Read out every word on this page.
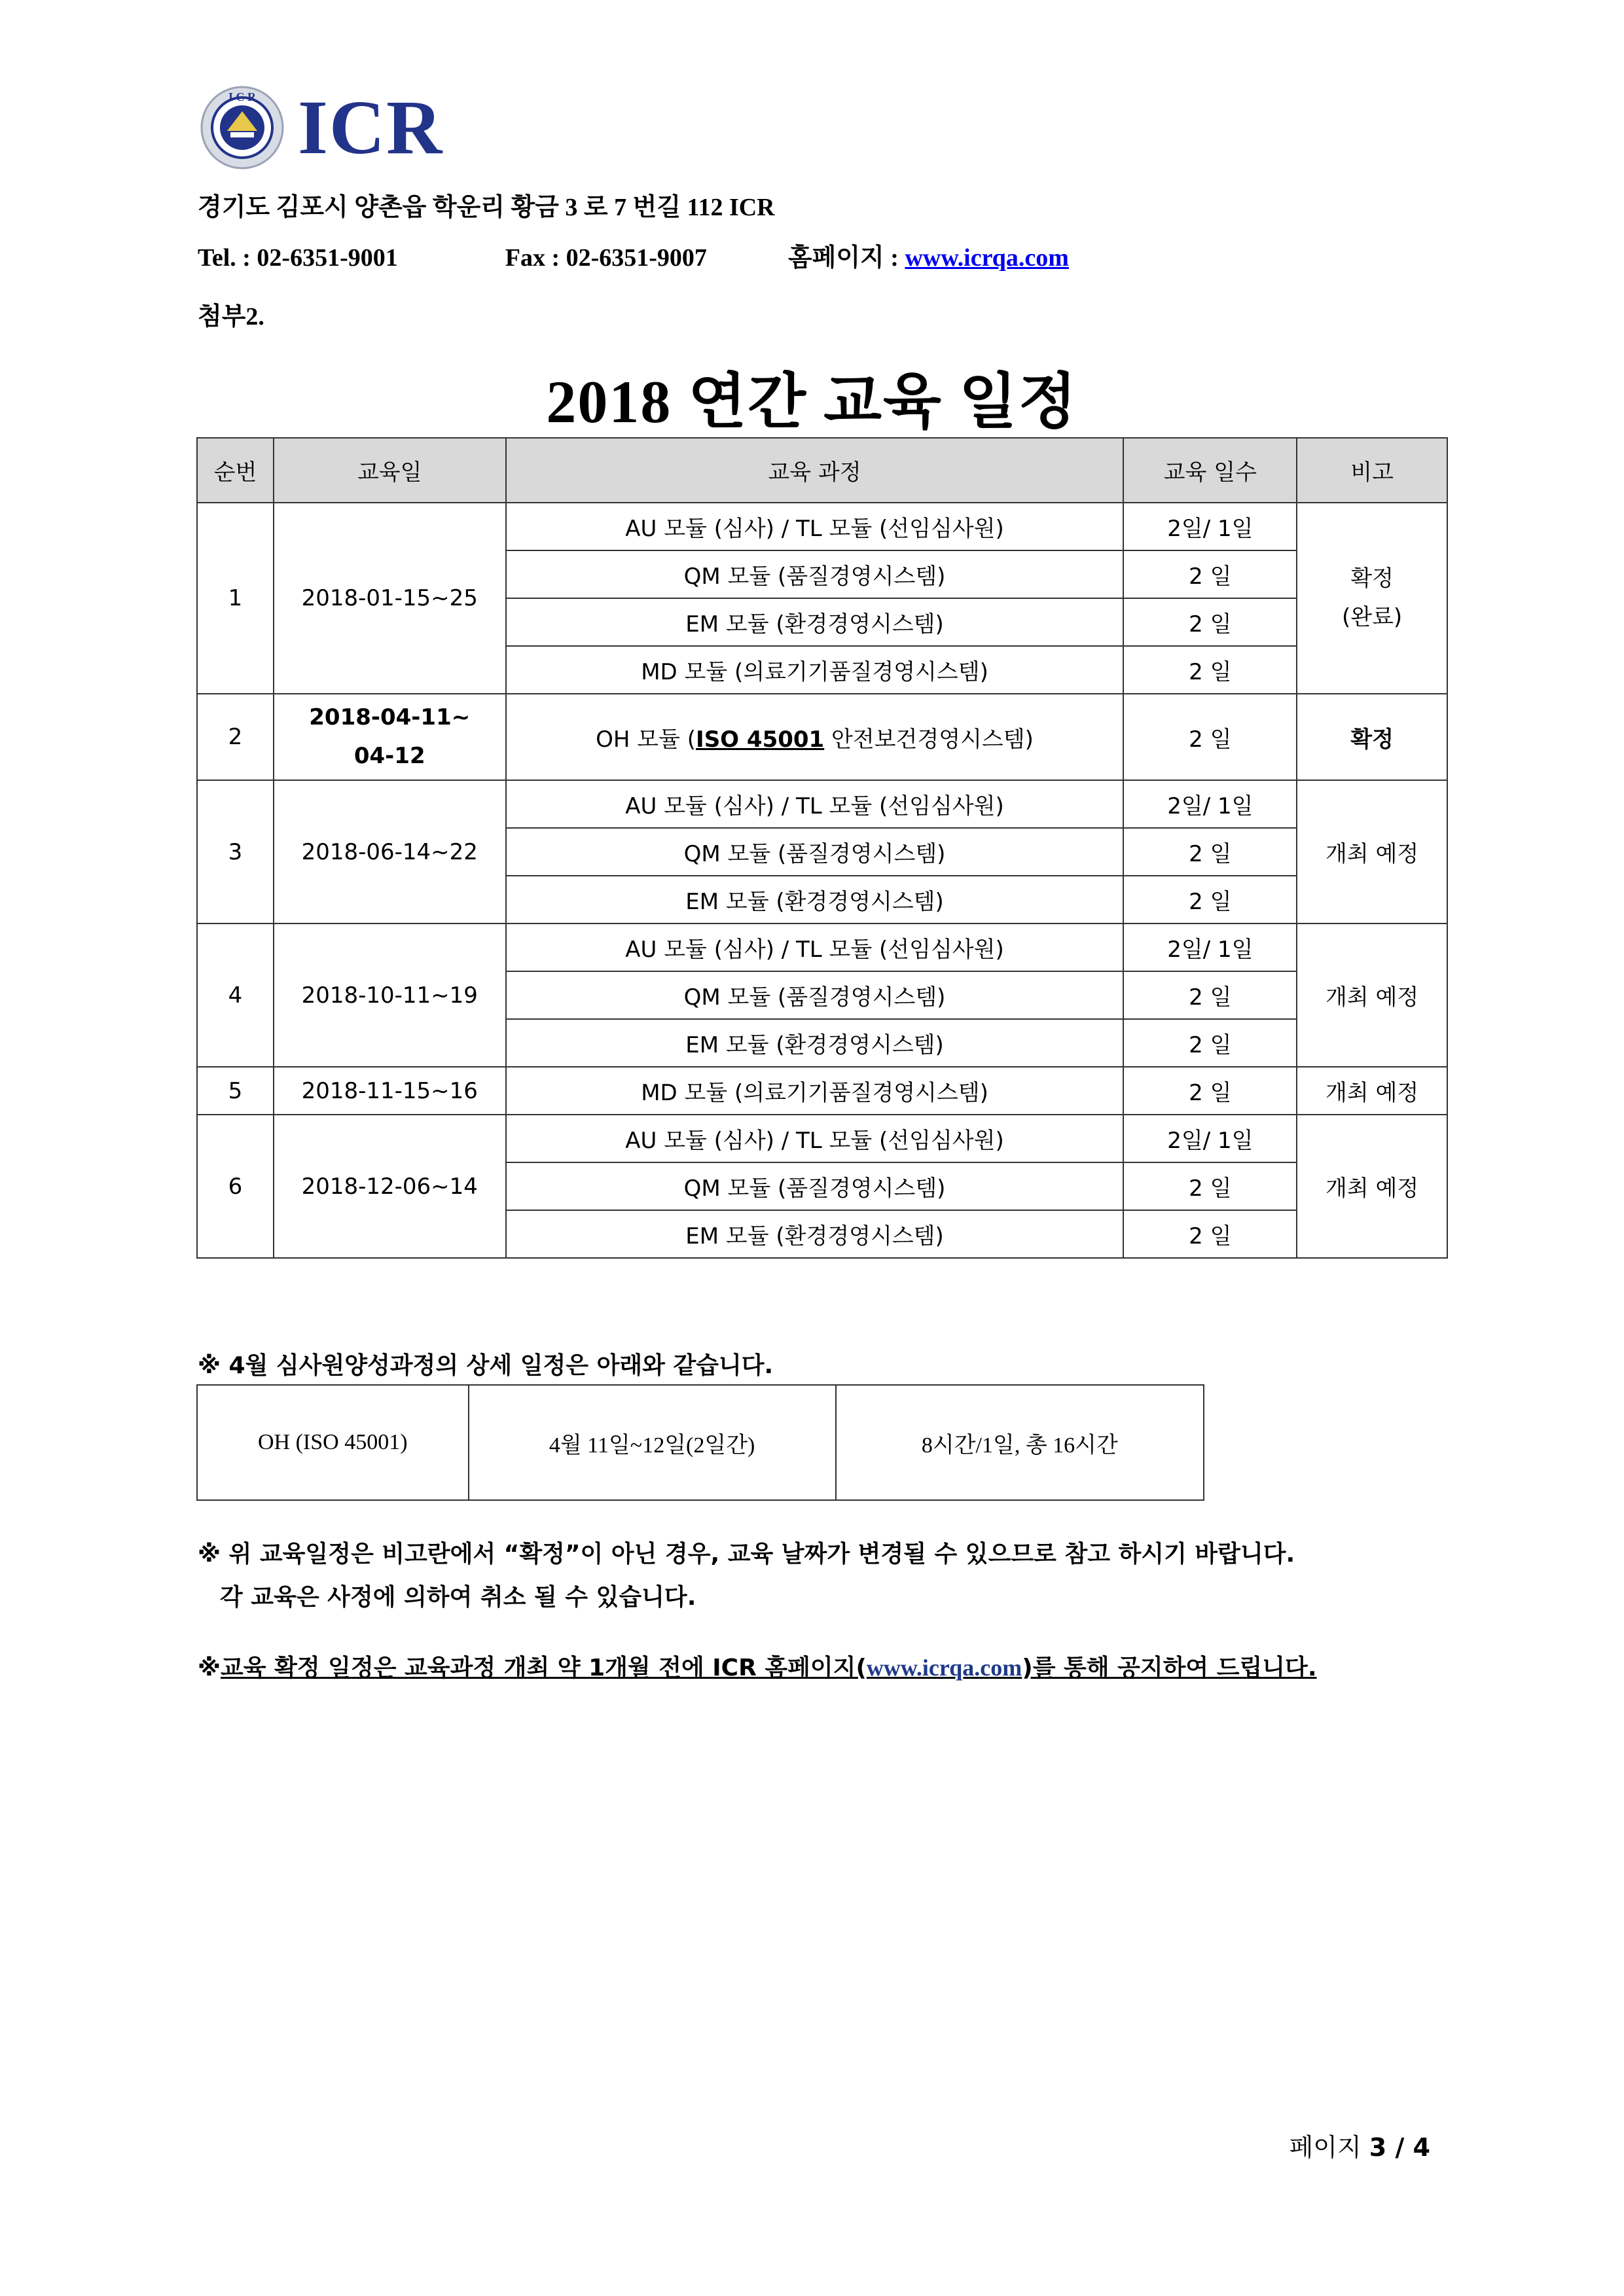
I C R ICR
경기도 김포시 양촌읍 학운리 황금 3 로 7 번길 112 ICR
Tel. : 02-6351-9001	Fax : 02-6351-9007	홈페이지 : www.icrqa.com
첨부2.
2018 연간 교육 일정
순번	교육일	교육 과정	교육 일수	비고
1	2018-01-15~25	AU 모듈 (심사) / TL 모듈 (선임심사원)	2일/ 1일	확정
(완료)
		QM 모듈 (품질경영시스템)	2 일	
		EM 모듈 (환경경영시스템)	2 일	
		MD 모듈 (의료기기품질경영시스템)	2 일	
2	2018-04-11~
04-12	OH 모듈 (ISO 45001 안전보건경영시스템)	2 일	확정
3	2018-06-14~22	AU 모듈 (심사) / TL 모듈 (선임심사원)	2일/ 1일	개최 예정
		QM 모듈 (품질경영시스템)	2 일	
		EM 모듈 (환경경영시스템)	2 일	
4	2018-10-11~19	AU 모듈 (심사) / TL 모듈 (선임심사원)	2일/ 1일	개최 예정
		QM 모듈 (품질경영시스템)	2 일	
		EM 모듈 (환경경영시스템)	2 일	
5	2018-11-15~16	MD 모듈 (의료기기품질경영시스템)	2 일	개최 예정
6	2018-12-06~14	AU 모듈 (심사) / TL 모듈 (선임심사원)	2일/ 1일	개최 예정
		QM 모듈 (품질경영시스템)	2 일	
		EM 모듈 (환경경영시스템)	2 일	
※ 4월 심사원양성과정의 상세 일정은 아래와 같습니다.
OH (ISO 45001)	4월 11일~12일(2일간)	8시간/1일, 총 16시간
※ 위 교육일정은 비고란에서 “확정”이 아닌 경우, 교육 날짜가 변경될 수 있으므로 참고 하시기 바랍니다.
각 교육은 사정에 의하여 취소 될 수 있습니다.
※교육 확정 일정은 교육과정 개최 약 1개월 전에 ICR 홈페이지(www.icrqa.com)를 통해 공지하여 드립니다.
페이지 3 / 4
